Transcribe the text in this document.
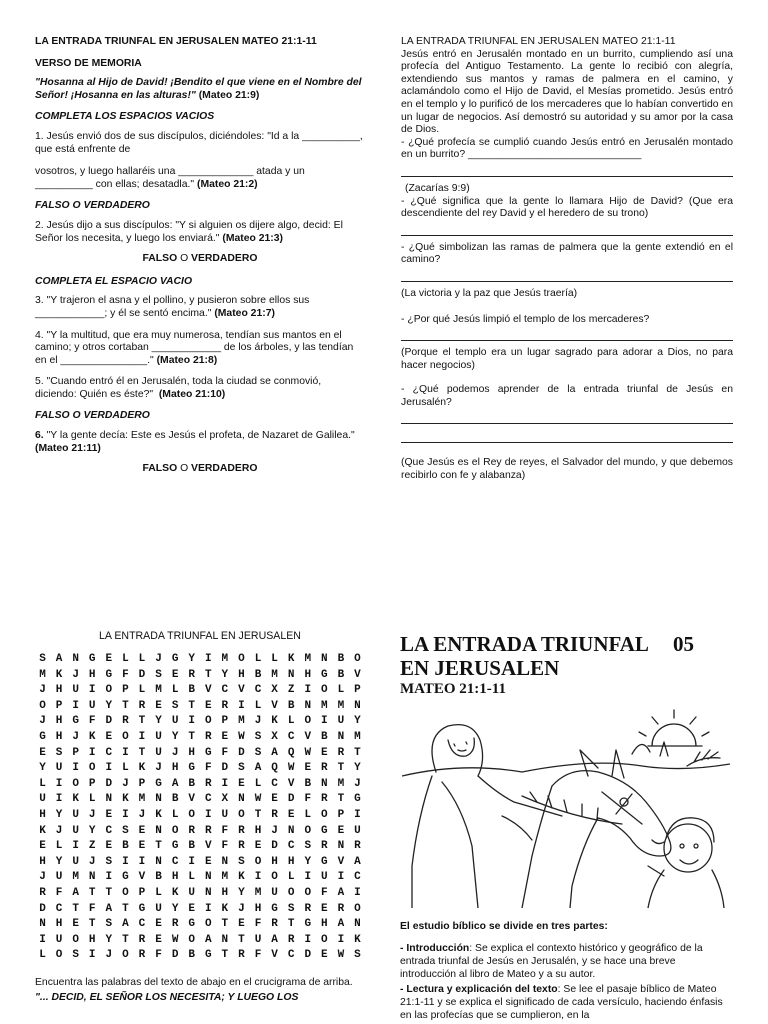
LA ENTRADA TRIUNFAL EN JERUSALEN MATEO 21:1-11
VERSO DE MEMORIA
"Hosanna al Hijo de David! ¡Bendito el que viene en el Nombre del Señor! ¡Hosanna en las alturas!" (Mateo 21:9)
COMPLETA LOS ESPACIOS VACIOS
1. Jesús envió dos de sus discípulos, diciéndoles: "Id a la __________, que está enfrente de
vosotros, y luego hallaréis una _____________ atada y un __________ con ellas; desatadla." (Mateo 21:2)
FALSO O VERDADERO
2. Jesús dijo a sus discípulos: "Y si alguien os dijere algo, decid: El Señor los necesita, y luego los enviará." (Mateo 21:3)
FALSO O VERDADERO
COMPLETA EL ESPACIO VACIO
3. "Y trajeron el asna y el pollino, y pusieron sobre ellos sus ____________; y él se sentó encima." (Mateo 21:7)
4. "Y la multitud, que era muy numerosa, tendían sus mantos en el camino; y otros cortaban ____________ de los árboles, y las tendían en el _______________." (Mateo 21:8)
5. "Cuando entró él en Jerusalén, toda la ciudad se conmovió, diciendo: Quién es éste?" (Mateo 21:10)
FALSO O VERDADERO
6. "Y la gente decía: Este es Jesús el profeta, de Nazaret de Galilea." (Mateo 21:11)
FALSO O VERDADERO
LA ENTRADA TRIUNFAL EN JERUSALEN MATEO 21:1-11
Jesús entró en Jerusalén montado en un burrito, cumpliendo así una profecía del Antiguo Testamento. La gente lo recibió con alegría, extendiendo sus mantos y ramas de palmera en el camino, y aclamándolo como el Hijo de David, el Mesías prometido. Jesús entró en el templo y lo purificó de los mercaderes que lo habían convertido en un lugar de negocios. Así demostró su autoridad y su amor por la casa de Dios.
- ¿Qué profecía se cumplió cuando Jesús entró en Jerusalén montado en un burrito? ______________________________
(Zacarías 9:9)
- ¿Qué significa que la gente lo llamara Hijo de David? (Que era descendiente del rey David y el heredero de su trono)
- ¿Qué simbolizan las ramas de palmera que la gente extendió en el camino?
(La victoria y la paz que Jesús traería)
- ¿Por qué Jesús limpió el templo de los mercaderes?
(Porque el templo era un lugar sagrado para adorar a Dios, no para hacer negocios)
- ¿Qué podemos aprender de la entrada triunfal de Jesús en Jerusalén?
(Que Jesús es el Rey de reyes, el Salvador del mundo, y que debemos recibirlo con fe y alabanza)
LA ENTRADA TRIUNFAL EN JERUSALEN
S A N G E L L J G Y I M O L L K M N B O
M K J H G F D S E R T Y H B M N H G B V
J H U I O P L M L B V C V C X Z I O L P
O P I U Y T R E S T E R I L V B N M M N
J H G F D R T Y U I O P M J K L O I U Y
G H J K E O I U Y T R E W S X C V B N M
E S P I C I T U J H G F D S A Q W E R T
Y U I O I L K J H G F D S A Q W E R T Y
L I O P D J P G A B R I E L C V B N M J
U I K L N K M N B V C X N W E D F R T G
H Y U J E I J K L O I U O T R E L O P I
K J U Y C S E N O R R F R H J N O G E U
E L I Z E B E T G B V F R E D C S R N R
H Y U J S I I N C I E N S O H H Y G V A
J U M N I G V B H L N M K I O L I U I C
R F A T T O P L K U N H Y M U O O F A I
D C T F A T G U Y E I K J H G S R E R O
N H E T S A C E R G O T E F R T G H A N
I U O H Y T R E W O A N T U A R I O I K
L O S I J O R F D B G T R F V C D E W S
Encuentra las palabras del texto de abajo en el crucigrama de arriba.
"... DECID, EL SEÑOR LOS NECESITA; Y LUEGO LOS
LA ENTRADA TRIUNFAL	05
EN JERUSALEN
MATEO 21:1-11
El estudio bíblico se divide en tres partes:
- Introducción: Se explica el contexto histórico y geográfico de la entrada triunfal de Jesús en Jerusalén, y se hace una breve introducción al libro de Mateo y a su autor.
- Lectura y explicación del texto: Se lee el pasaje bíblico de Mateo 21:1-11 y se explica el significado de cada versículo, haciendo énfasis en las profecías que se cumplieron, en la
